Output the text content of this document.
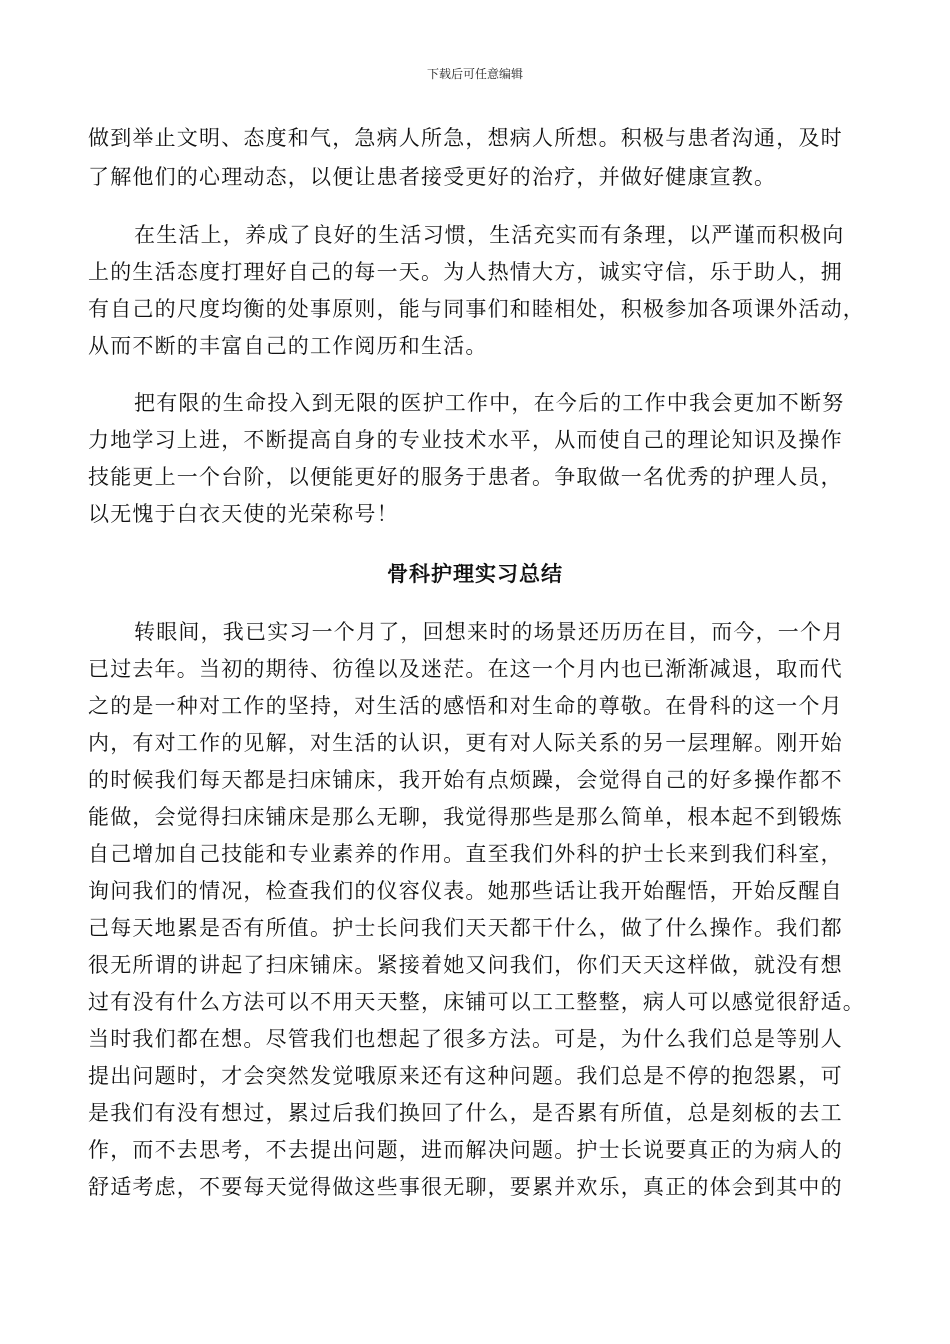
下载后可任意编辑
做到举止文明、态度和气，急病人所急，想病人所想。积极与患者沟通，及时
了解他们的心理动态，以便让患者接受更好的治疗，并做好健康宣教。
在生活上，养成了良好的生活习惯，生活充实而有条理，以严谨而积极向
上的生活态度打理好自己的每一天。为人热情大方，诚实守信，乐于助人，拥
有自己的尺度均衡的处事原则，能与同事们和睦相处，积极参加各项课外活动，
从而不断的丰富自己的工作阅历和生活。
把有限的生命投入到无限的医护工作中，在今后的工作中我会更加不断努
力地学习上进，不断提高自身的专业技术水平，从而使自己的理论知识及操作
技能更上一个台阶，以便能更好的服务于患者。争取做一名优秀的护理人员，
以无愧于白衣天使的光荣称号！
骨科护理实习总结
转眼间，我已实习一个月了，回想来时的场景还历历在目，而今，一个月
已过去年。当初的期待、彷徨以及迷茫。在这一个月内也已渐渐减退，取而代
之的是一种对工作的坚持，对生活的感悟和对生命的尊敬。在骨科的这一个月
内，有对工作的见解，对生活的认识，更有对人际关系的另一层理解。刚开始
的时候我们每天都是扫床铺床，我开始有点烦躁，会觉得自己的好多操作都不
能做，会觉得扫床铺床是那么无聊，我觉得那些是那么简单，根本起不到锻炼
自己增加自己技能和专业素养的作用。直至我们外科的护士长来到我们科室，
询问我们的情况，检查我们的仪容仪表。她那些话让我开始醒悟，开始反醒自
己每天地累是否有所值。护士长问我们天天都干什么，做了什么操作。我们都
很无所谓的讲起了扫床铺床。紧接着她又问我们，你们天天这样做，就没有想
过有没有什么方法可以不用天天整，床铺可以工工整整，病人可以感觉很舒适。
当时我们都在想。尽管我们也想起了很多方法。可是，为什么我们总是等别人
提出问题时，才会突然发觉哦原来还有这种问题。我们总是不停的抱怨累，可
是我们有没有想过，累过后我们换回了什么，是否累有所值，总是刻板的去工
作，而不去思考，不去提出问题，进而解决问题。护士长说要真正的为病人的
舒适考虑，不要每天觉得做这些事很无聊，要累并欢乐，真正的体会到其中的
